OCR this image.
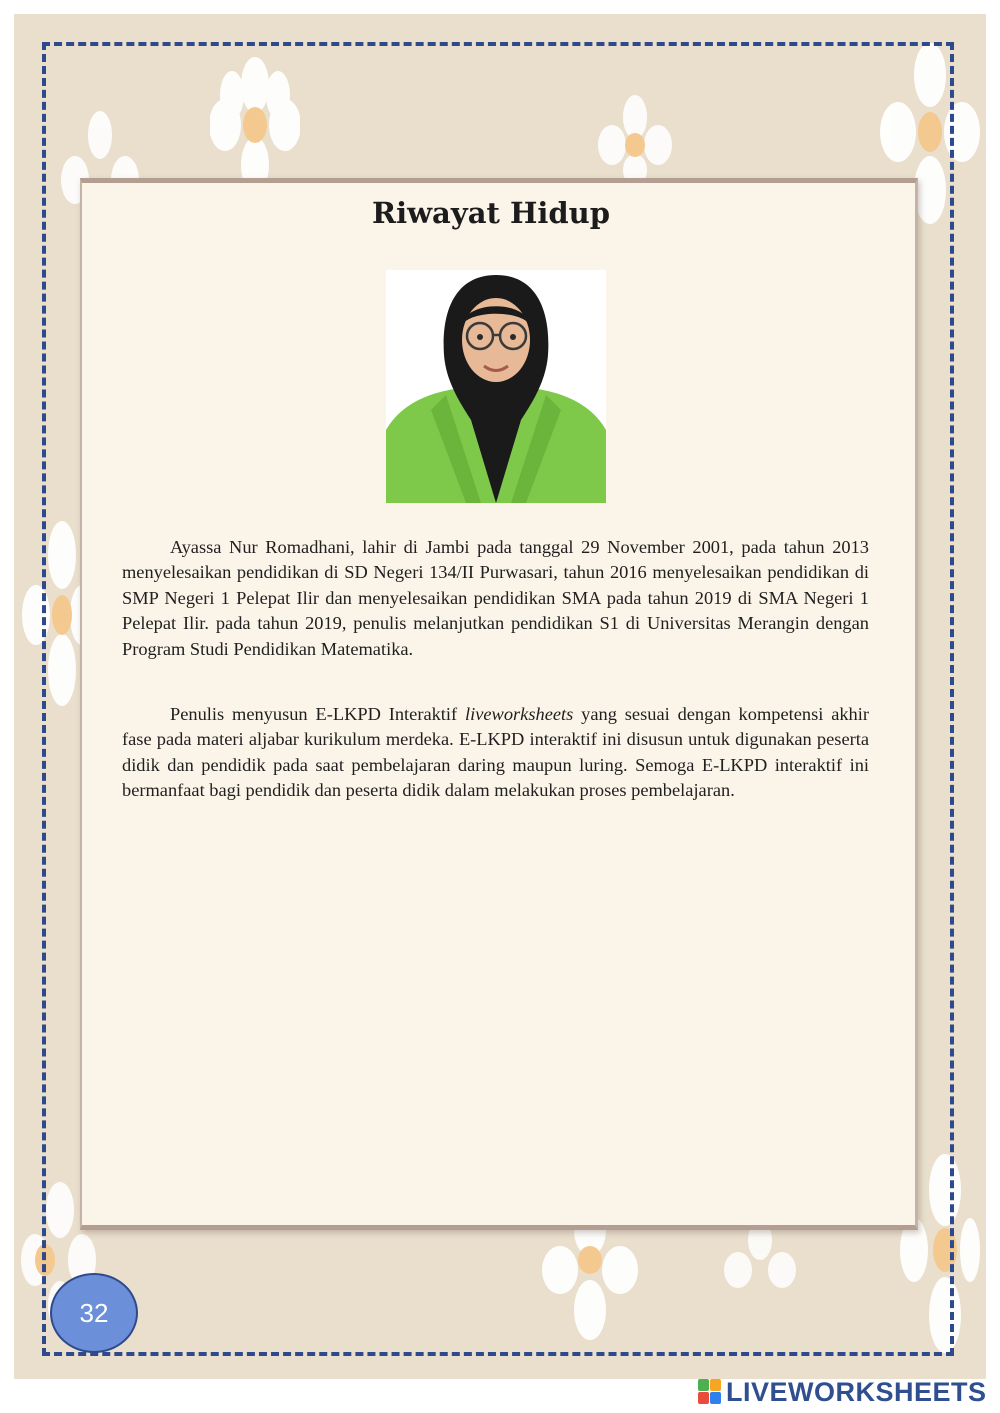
Riwayat Hidup

Ayassa Nur Romadhani, lahir di Jambi pada tanggal 29 November 2001, pada tahun 2013 menyelesaikan pendidikan di SD Negeri 134/II Purwasari, tahun 2016 menyelesaikan pendidikan di SMP Negeri 1 Pelepat Ilir dan menyelesaikan pendidikan SMA pada tahun 2019 di SMA Negeri 1 Pelepat Ilir. pada tahun 2019, penulis melanjutkan pendidikan S1 di Universitas Merangin dengan Program Studi Pendidikan Matematika.

Penulis menyusun E-LKPD Interaktif liveworksheets yang sesuai dengan kompetensi akhir fase pada materi aljabar kurikulum merdeka. E-LKPD interaktif ini disusun untuk digunakan peserta didik dan pendidik pada saat pembelajaran daring maupun luring. Semoga E-LKPD interaktif ini bermanfaat bagi pendidik dan peserta didik dalam melakukan proses pembelajaran.

32
LIVEWORKSHEETS
